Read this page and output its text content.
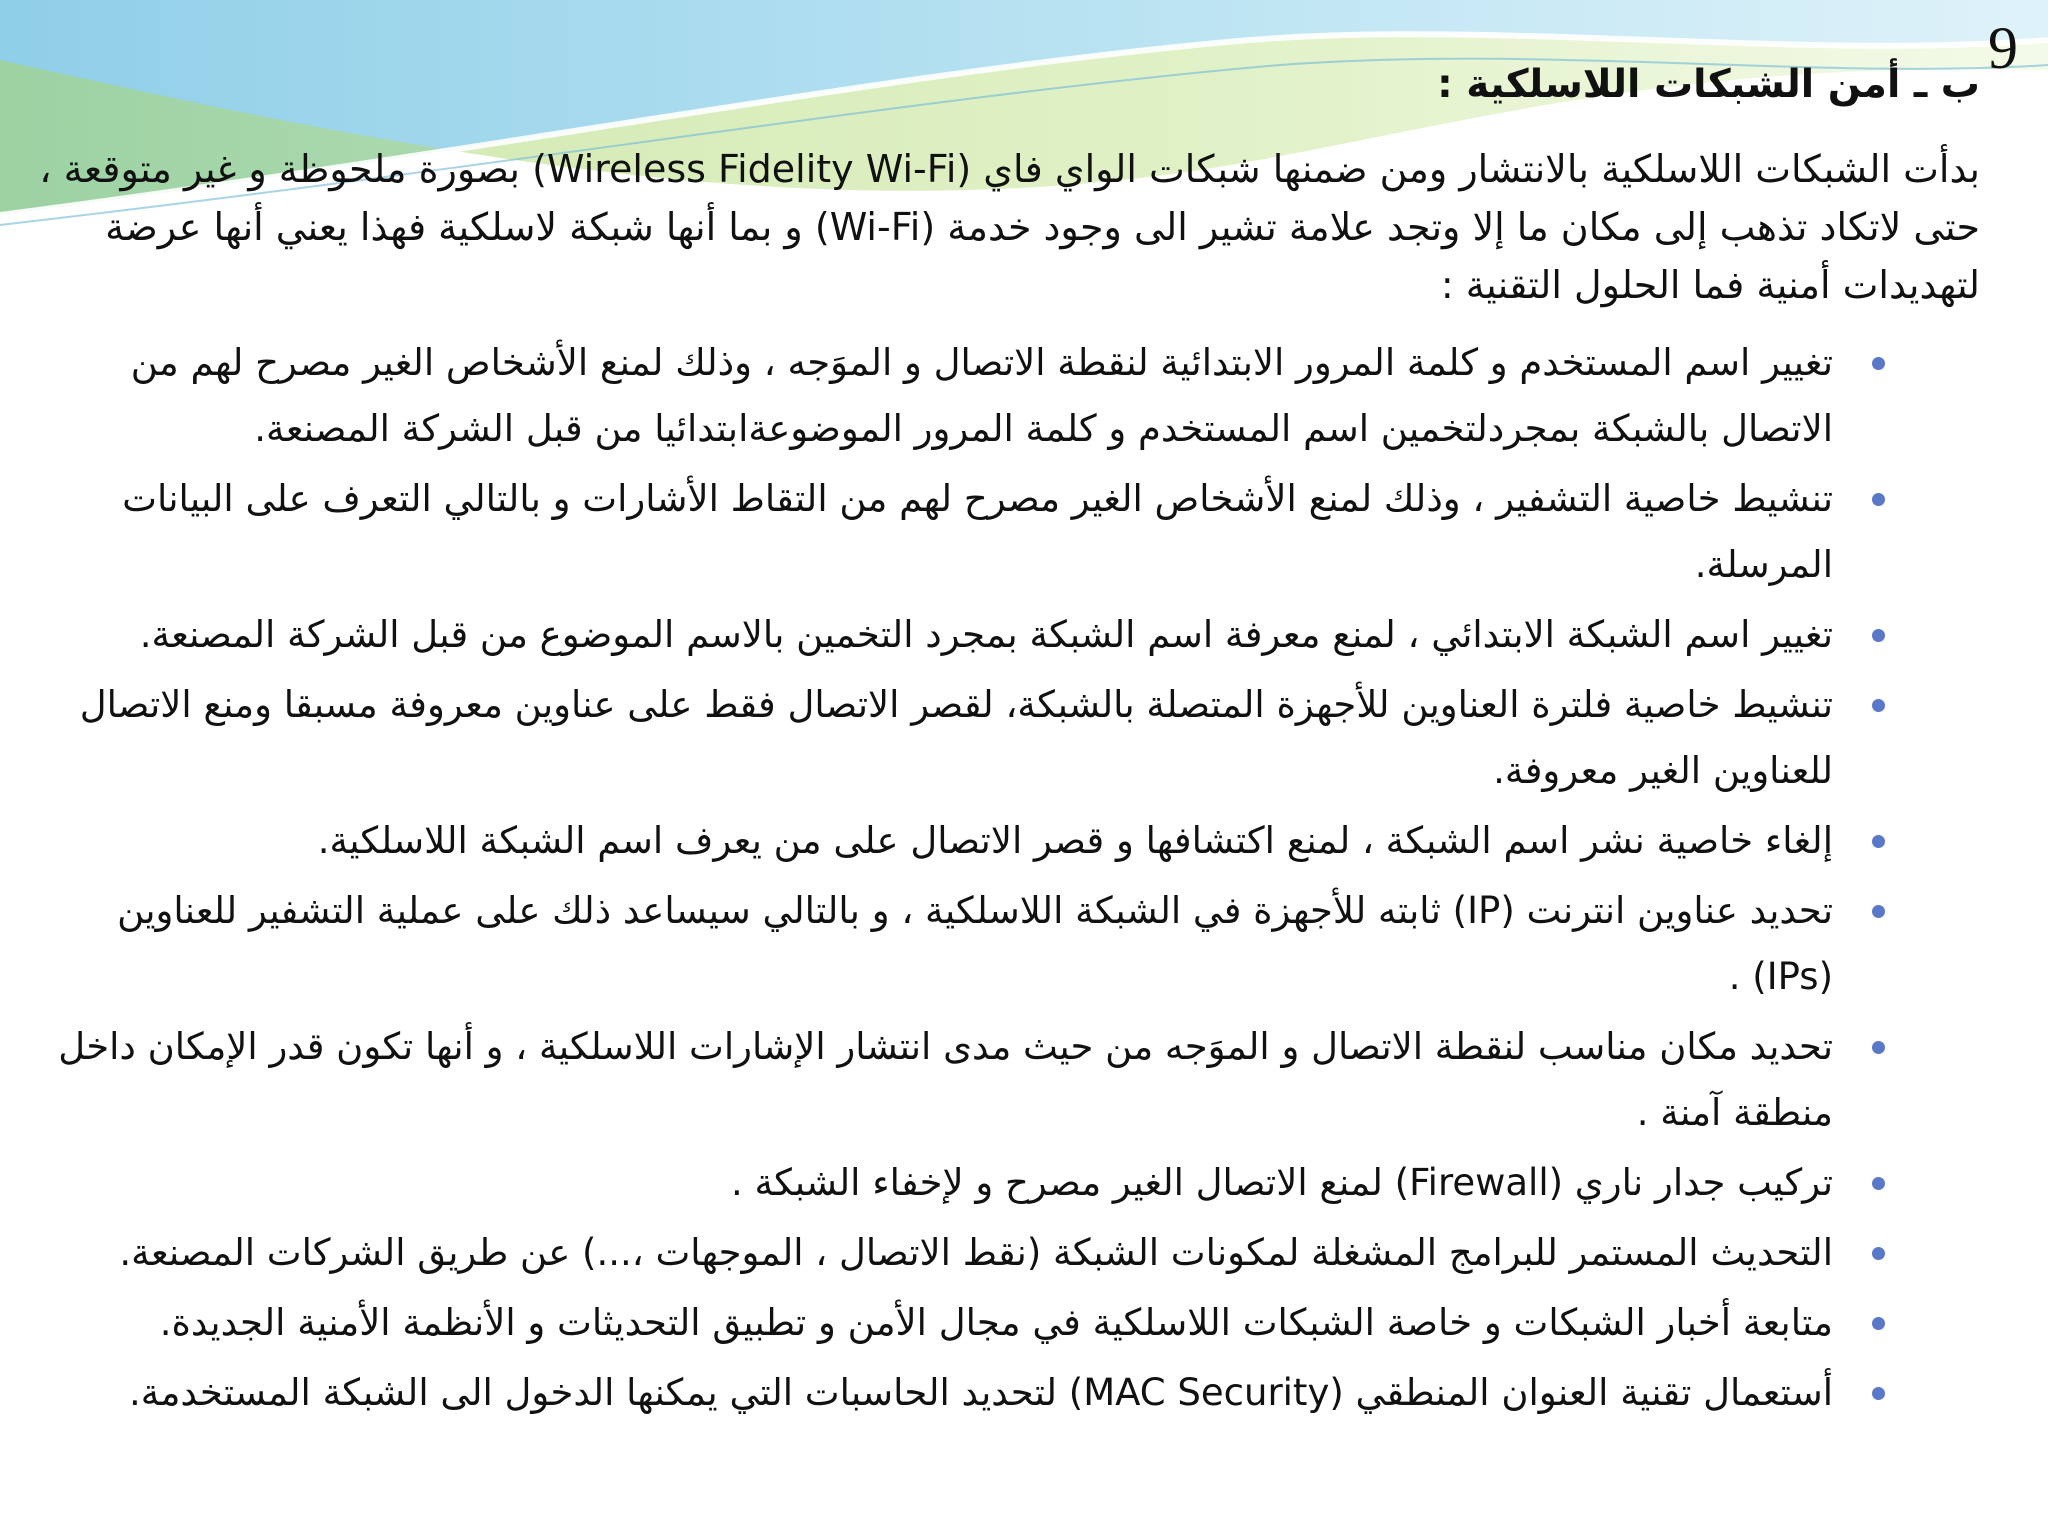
9
ب ـ أمن الشبكات اللاسلكية :

بدأت الشبكات اللاسلكية بالانتشار ومن ضمنها شبكات الواي فاي (Wireless Fidelity Wi-Fi) بصورة ملحوظة و غير متوقعة ، حتى لاتكاد تذهب إلى مكان ما إلا وتجد علامة تشير الى وجود خدمة (Wi-Fi) و بما أنها شبكة لاسلكية فهذا يعني أنها عرضة لتهديدات أمنية فما الحلول التقنية :

تغيير اسم المستخدم و كلمة المرور الابتدائية لنقطة الاتصال و الموَجه ، وذلك لمنع الأشخاص الغير مصرح لهم من الاتصال بالشبكة بمجردلتخمين اسم المستخدم و كلمة المرور الموضوعةابتدائيا من قبل الشركة المصنعة.
تنشيط خاصية التشفير ، وذلك لمنع الأشخاص الغير مصرح لهم من التقاط الأشارات و بالتالي التعرف على البيانات المرسلة.
تغيير اسم الشبكة الابتدائي ، لمنع معرفة اسم الشبكة بمجرد التخمين بالاسم الموضوع من قبل الشركة المصنعة.
تنشيط خاصية فلترة العناوين للأجهزة المتصلة بالشبكة، لقصر الاتصال فقط على عناوين معروفة مسبقا ومنع الاتصال للعناوين الغير معروفة.
إلغاء خاصية نشر اسم الشبكة ، لمنع اكتشافها و قصر الاتصال على من يعرف اسم الشبكة اللاسلكية.
تحديد عناوين انترنت (IP) ثابته للأجهزة في الشبكة اللاسلكية ، و بالتالي سيساعد ذلك على عملية التشفير للعناوين (IPs) .
تحديد مكان مناسب لنقطة الاتصال و الموَجه من حيث مدى انتشار الإشارات اللاسلكية ، و أنها تكون قدر الإمكان داخل منطقة آمنة .
تركيب جدار ناري (Firewall) لمنع الاتصال الغير مصرح و لإخفاء الشبكة .
التحديث المستمر للبرامج المشغلة لمكونات الشبكة (نقط الاتصال ، الموجهات ،...) عن طريق الشركات المصنعة.
متابعة أخبار الشبكات و خاصة الشبكات اللاسلكية في مجال الأمن و تطبيق التحديثات و الأنظمة الأمنية الجديدة.
أستعمال تقنية العنوان المنطقي (MAC Security) لتحديد الحاسبات التي يمكنها الدخول الى الشبكة المستخدمة.
